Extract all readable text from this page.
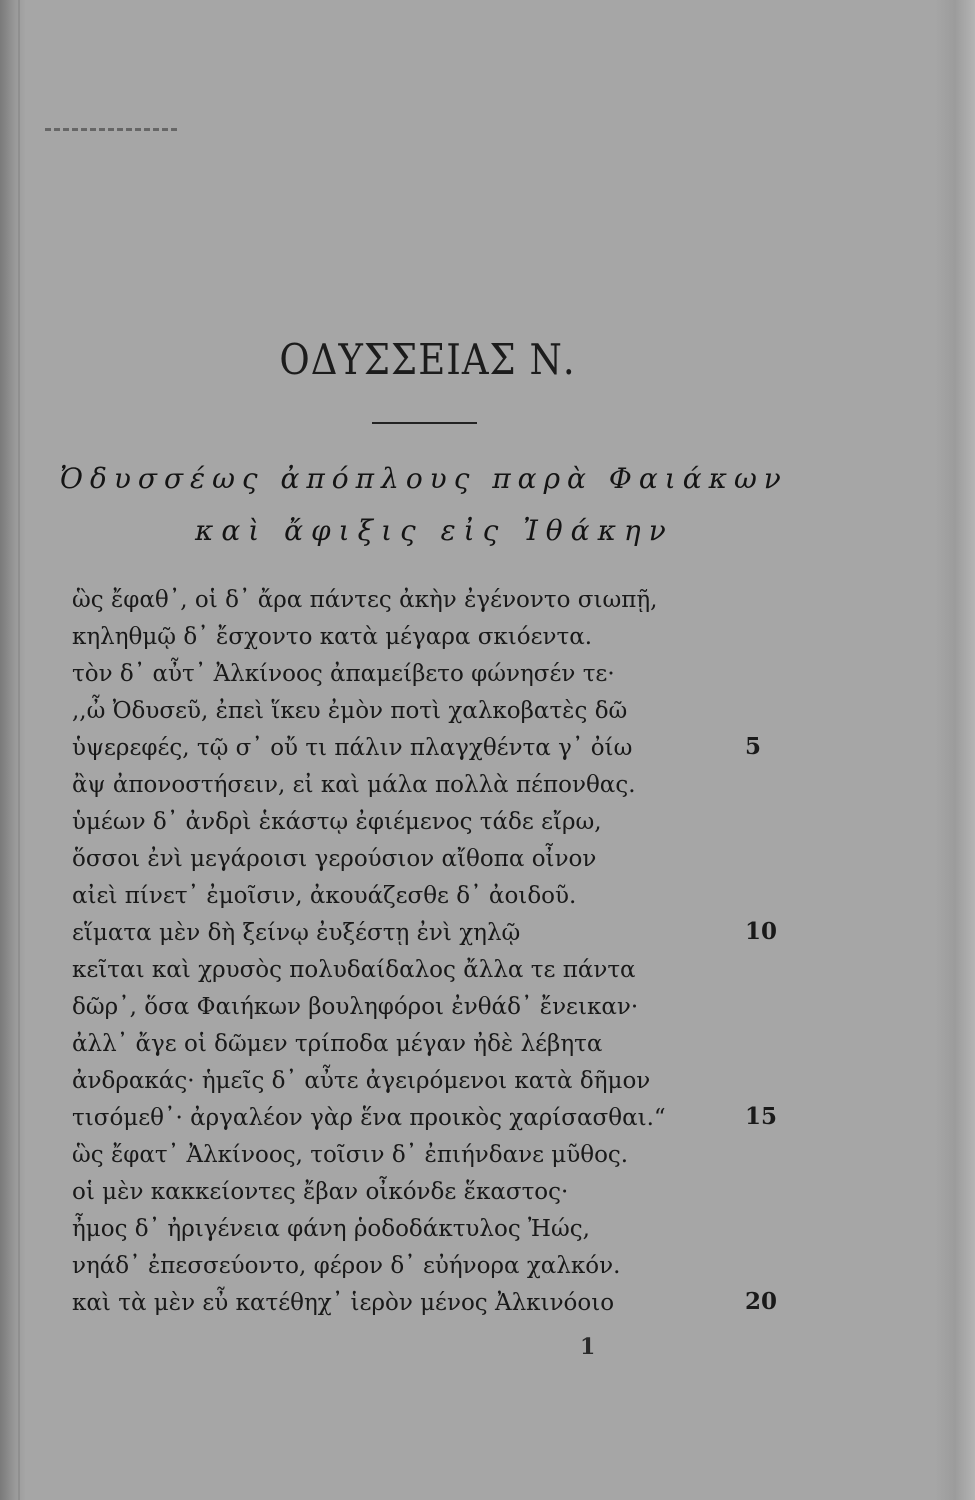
ΟΔΥΣΣΕΙΑΣ Ν.
Ὀδυσσέως ἀπόπλους παρὰ Φαιάκων
καὶ ἄφιξις εἰς Ἰθάκην
ὣς ἔφαθ᾽, οἱ δ᾽ ἄρα πάντες ἀκὴν ἐγένοντο σιωπῇ,
κηληθμῷ δ᾽ ἔσχοντο κατὰ μέγαρα σκιόεντα.
τὸν δ᾽ αὖτ᾽ Ἀλκίνοος ἀπαμείβετο φώνησέν τε·
,,ὦ Ὀδυσεῦ, ἐπεὶ ἵκευ ἐμὸν ποτὶ χαλκοβατὲς δῶ
ὑψερεφές, τῷ σ᾽ οὔ τι πάλιν πλαγχθέντα γ᾽ ὀίω
ἂψ ἀπονοστήσειν, εἰ καὶ μάλα πολλὰ πέπονθας.
ὑμέων δ᾽ ἀνδρὶ ἑκάστῳ ἐφιέμενος τάδε εἴρω,
ὅσσοι ἐνὶ μεγάροισι γερούσιον αἴθοπα οἶνον
αἰεὶ πίνετ᾽ ἐμοῖσιν, ἀκουάζεσθε δ᾽ ἀοιδοῦ.
εἵματα μὲν δὴ ξείνῳ ἐυξέστῃ ἐνὶ χηλῷ
κεῖται καὶ χρυσὸς πολυδαίδαλος ἄλλα τε πάντα
δῶρ᾽, ὅσα Φαιήκων βουληφόροι ἐνθάδ᾽ ἔνεικαν·
ἀλλ᾽ ἄγε οἱ δῶμεν τρίποδα μέγαν ἠδὲ λέβητα
ἀνδρακάς· ἡμεῖς δ᾽ αὖτε ἀγειρόμενοι κατὰ δῆμον
τισόμεθ᾽· ἀργαλέον γὰρ ἕνα προικὸς χαρίσασθαι.“
ὣς ἔφατ᾽ Ἀλκίνοος, τοῖσιν δ᾽ ἐπιήνδανε μῦθος.
οἱ μὲν κακκείοντες ἔβαν οἶκόνδε ἕκαστος·
ἦμος δ᾽ ἠριγένεια φάνη ῥοδοδάκτυλος Ἠώς,
νηάδ᾽ ἐπεσσεύοντο, φέρον δ᾽ εὐήνορα χαλκόν.
καὶ τὰ μὲν εὖ κατέθηχ᾽ ἱερὸν μένος Ἀλκινόοιο
5
10
15
20
1
